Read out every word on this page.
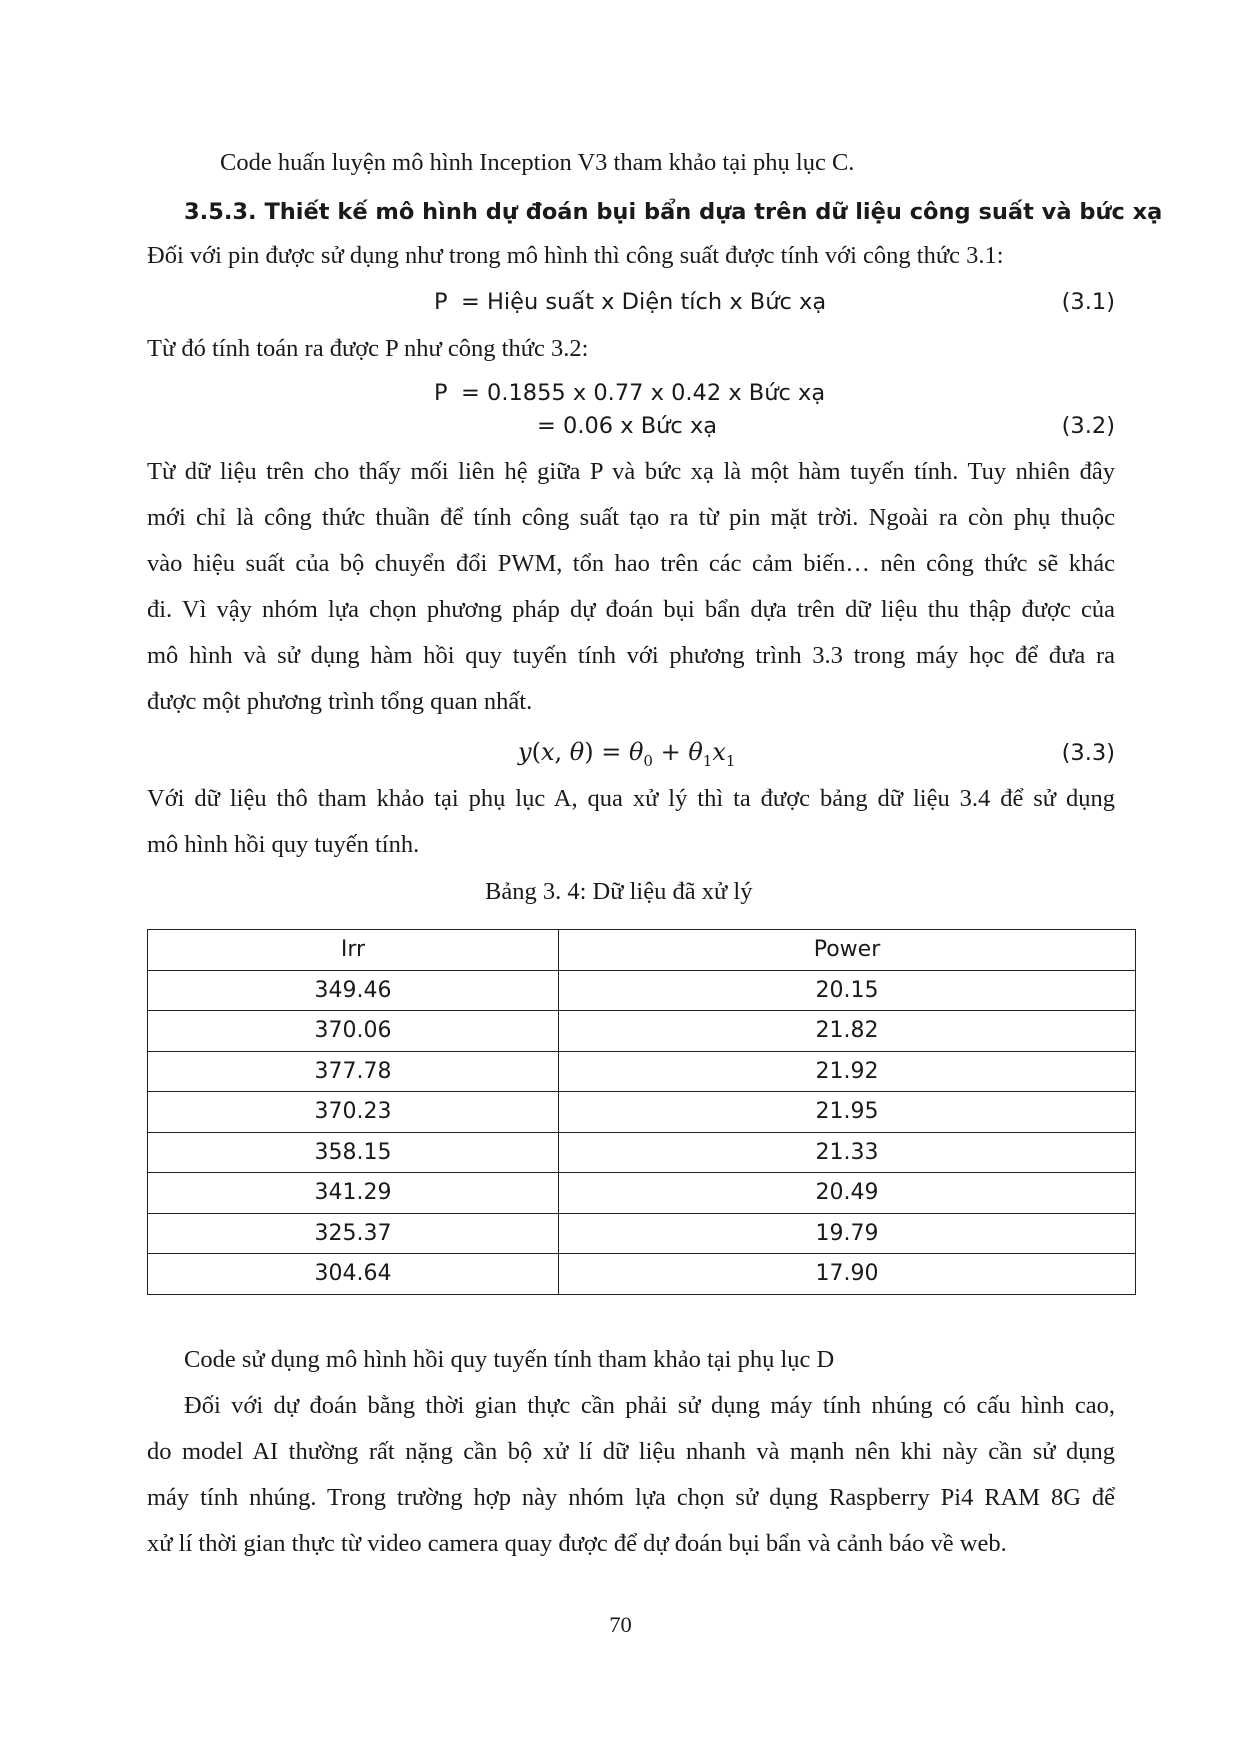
Code huấn luyện mô hình Inception V3 tham khảo tại phụ lục C.
3.5.3. Thiết kế mô hình dự đoán bụi bẩn dựa trên dữ liệu công suất và bức xạ
Đối với pin được sử dụng như trong mô hình thì công suất được tính với công thức 3.1:
P = Hiệu suất x Diện tích x Bức xạ	(3.1)
Từ đó tính toán ra được P như công thức 3.2:
P = 0.1855 x 0.77 x 0.42 x Bức xạ
= 0.06 x Bức xạ	(3.2)
Từ dữ liệu trên cho thấy mối liên hệ giữa P và bức xạ là một hàm tuyến tính. Tuy nhiên đây
mới chỉ là công thức thuần để tính công suất tạo ra từ pin mặt trời. Ngoài ra còn phụ thuộc
vào hiệu suất của bộ chuyển đổi PWM, tổn hao trên các cảm biến… nên công thức sẽ khác
đi. Vì vậy nhóm lựa chọn phương pháp dự đoán bụi bẩn dựa trên dữ liệu thu thập được của
mô hình và sử dụng hàm hồi quy tuyến tính với phương trình 3.3 trong máy học để đưa ra
được một phương trình tổng quan nhất.
y(x, $\theta) = \theta_0 + \theta_1x_1$	(3.3)
Với dữ liệu thô tham khảo tại phụ lục A, qua xử lý thì ta được bảng dữ liệu 3.4 để sử dụng
mô hình hồi quy tuyến tính.
Bảng 3. 4: Dữ liệu đã xử lý
Irr	Power
349.46	20.15
370.06	21.82
377.78	21.92
370.23	21.95
358.15	21.33
341.29	20.49
325.37	19.79
304.64	17.90
Code sử dụng mô hình hồi quy tuyến tính tham khảo tại phụ lục D
Đối với dự đoán bằng thời gian thực cần phải sử dụng máy tính nhúng có cấu hình cao,
do model AI thường rất nặng cần bộ xử lí dữ liệu nhanh và mạnh nên khi này cần sử dụng
máy tính nhúng. Trong trường hợp này nhóm lựa chọn sử dụng Raspberry Pi4 RAM 8G để
xử lí thời gian thực từ video camera quay được để dự đoán bụi bẩn và cảnh báo về web.
70
